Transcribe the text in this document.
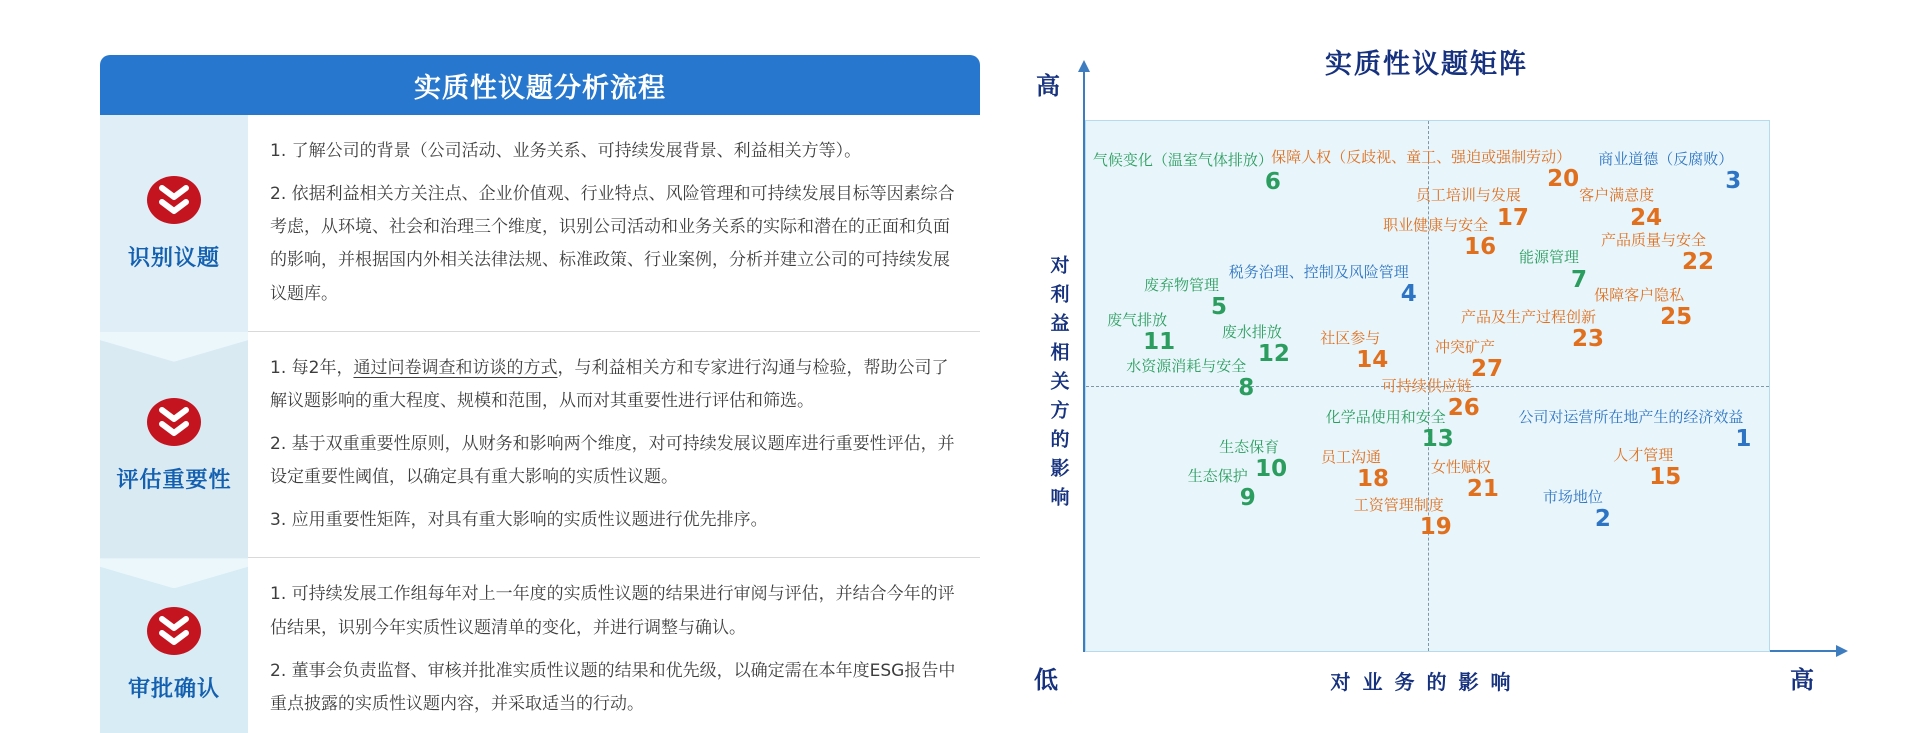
实质性议题分析流程
识别议题

1. 了解公司的背景（公司活动、业务关系、可持续发展背景、利益相关方等）。

2. 依据利益相关方关注点、企业价值观、行业特点、风险管理和可持续发展目标等因素综合考虑，从环境、社会和治理三个维度，识别公司活动和业务关系的实际和潜在的正面和负面的影响，并根据国内外相关法律法规、标准政策、行业案例，分析并建立公司的可持续发展议题库。

评估重要性

1. 每2年，通过问卷调查和访谈的方式，与利益相关方和专家进行沟通与检验，帮助公司了解议题影响的重大程度、规模和范围，从而对其重要性进行评估和筛选。

2. 基于双重重要性原则，从财务和影响两个维度，对可持续发展议题库进行重要性评估，并设定重要性阈值，以确定具有重大影响的实质性议题。

3. 应用重要性矩阵，对具有重大影响的实质性议题进行优先排序。

审批确认

1. 可持续发展工作组每年对上一年度的实质性议题的结果进行审阅与评估，并结合今年的评估结果，识别今年实质性议题清单的变化，并进行调整与确认。

2. 董事会负责监督、审核并批准实质性议题的结果和优先级，以确定需在本年度ESG报告中重点披露的实质性议题内容，并采取适当的行动。

实质性议题矩阵
高
低	高
对利益相关方的影响
对业务的影响
气候变化（温室气体排放）
6
保障人权（反歧视、童工、强迫或强制劳动）
20
商业道德（反腐败）
3
员工培训与发展
17
客户满意度
24
职业健康与安全
16	产品质量与安全
22
能源管理
7
税务治理、控制及风险管理
4
废弃物管理
5	保障客户隐私
25
产品及生产过程创新
23
废气排放
11	废水排放
12
社区参与
14
冲突矿产
27
水资源消耗与安全
8	可持续供应链
26
化学品使用和安全
13
公司对运营所在地产生的经济效益
1
生态保育
10 员工沟通
18
人才管理
15
女性赋权
21
生态保护
9	市场地位
2
工资管理制度
19
